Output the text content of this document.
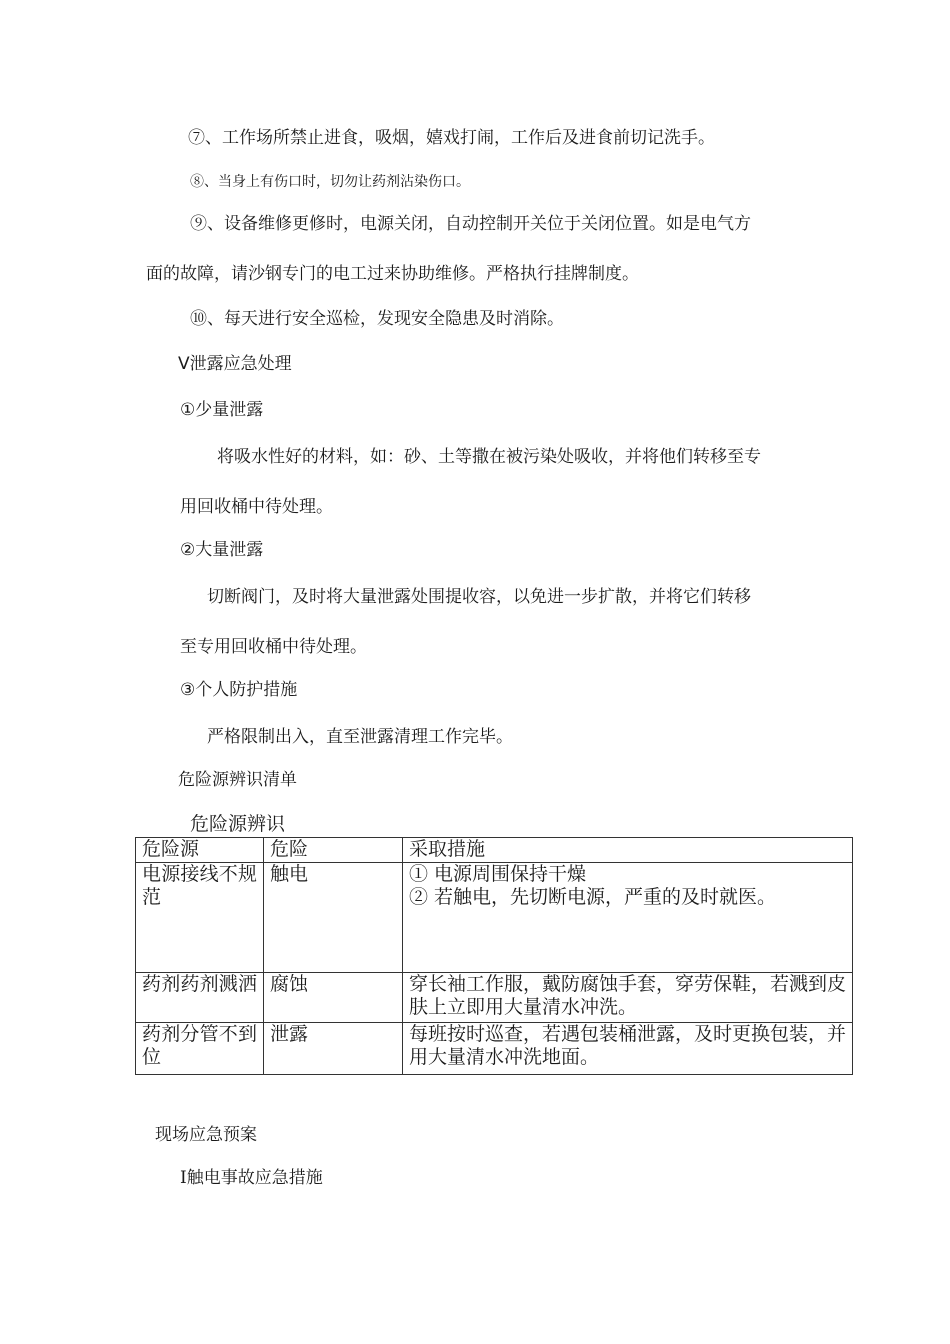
⑦、工作场所禁止进食，吸烟，嬉戏打闹，工作后及进食前切记洗手。
⑧、当身上有伤口时，切勿让药剂沾染伤口。
⑨、设备维修更修时，电源关闭，自动控制开关位于关闭位置。如是电气方
面的故障，请沙钢专门的电工过来协助维修。严格执行挂牌制度。
⑩、每天进行安全巡检，发现安全隐患及时消除。
V泄露应急处理
①少量泄露
将吸水性好的材料，如：砂、土等撒在被污染处吸收，并将他们转移至专
用回收桶中待处理。
②大量泄露
切断阀门，及时将大量泄露处围提收容，以免进一步扩散，并将它们转移
至专用回收桶中待处理。
③个人防护措施
严格限制出入，直至泄露清理工作完毕。
危险源辨识清单
危险源辨识
危险源	危险	采取措施
电源接线不规范	触电	① 电源周围保持干燥
② 若触电，先切断电源，严重的及时就医。

药剂药剂溅洒	腐蚀	穿长袖工作服，戴防腐蚀手套，穿劳保鞋，若溅到皮肤上立即用大量清水冲洗。

药剂分管不到位	泄露	每班按时巡查，若遇包装桶泄露，及时更换包装，并用大量清水冲洗地面。
现场应急预案
Ⅰ触电事故应急措施
